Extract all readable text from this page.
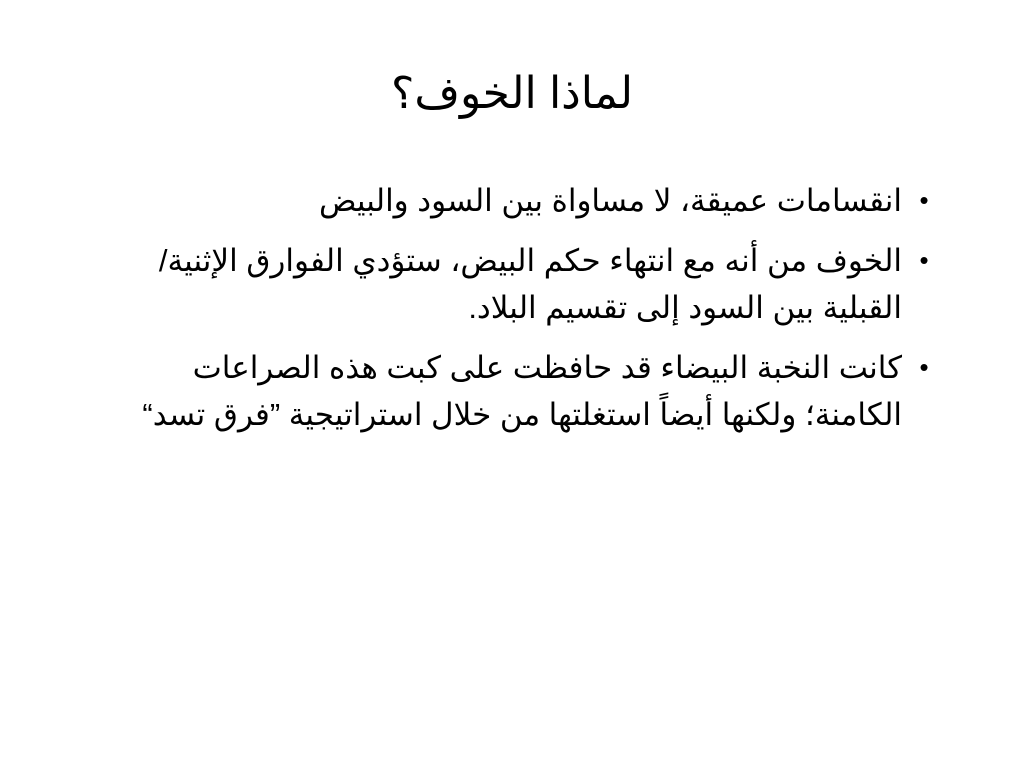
لماذا الخوف؟
•
انقسامات عميقة، لا مساواة بين السود والبيض
•
الخوف من أنه مع انتهاء حكم البيض، ستؤدي الفوارق الإثنية/القبلية بين السود إلى تقسيم البلاد.
•
كانت النخبة البيضاء قد حافظت على كبت هذه الصراعات الكامنة؛ ولكنها أيضاً استغلتها من خلال استراتيجية ”فرق تسد“
